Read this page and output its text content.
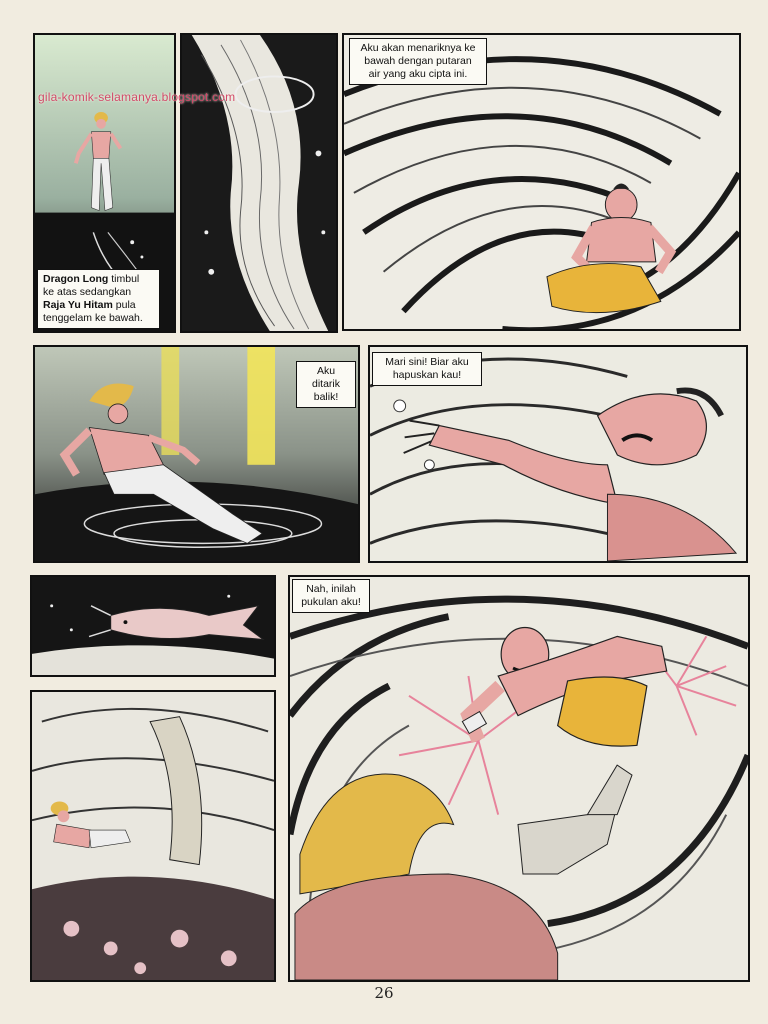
gila-komik-selamanya.blogspot.com
Dragon Long timbul
ke atas sedangkan
Raja Yu Hitam pula
tenggelam ke bawah.
Aku akan menariknya ke
bawah dengan putaran
air yang aku cipta ini.
Aku ditarik
balik!
Mari sini! Biar aku
hapuskan kau!
Nah, inilah
pukulan aku!
26
